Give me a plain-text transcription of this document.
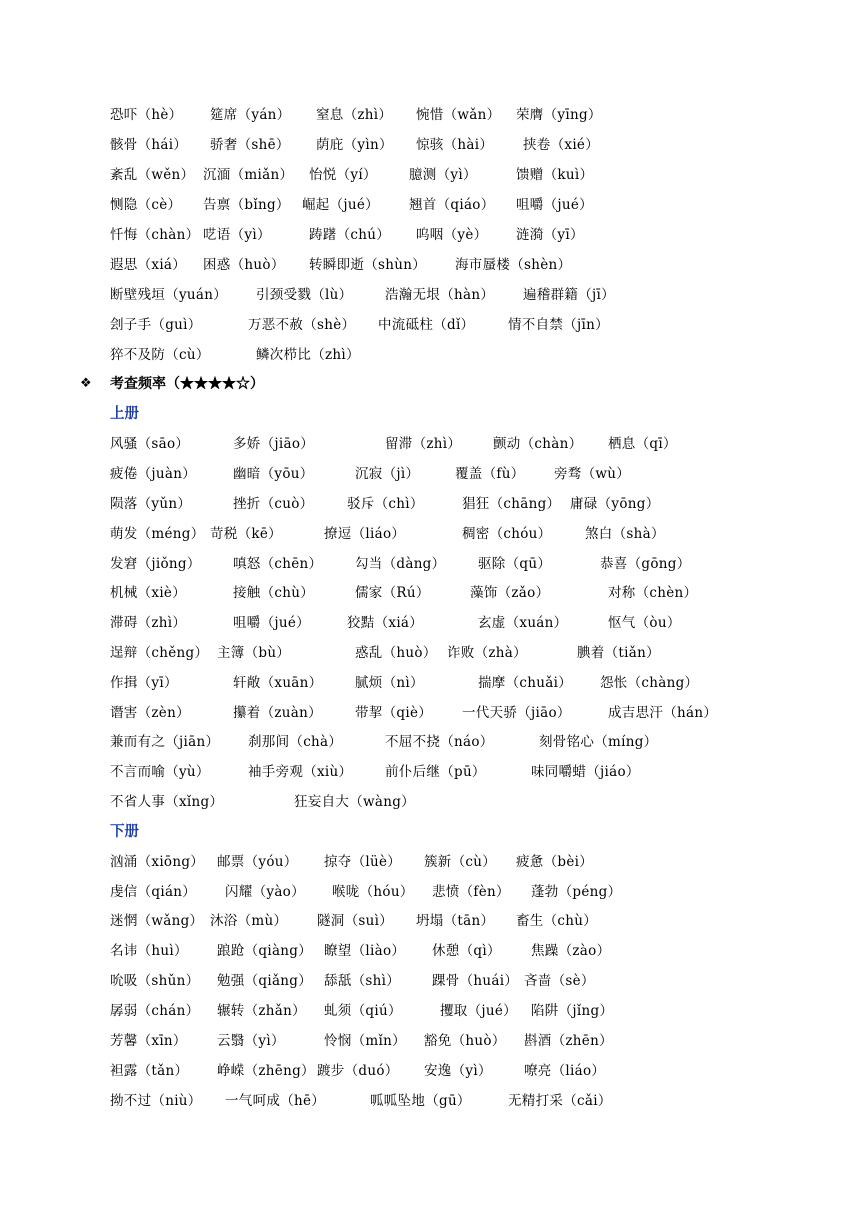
恐吓（hè） 筵席（yán） 窒息（zhì） 惋惜（wǎn） 荣膺（yīng）
骸骨（hái） 骄奢（shē） 荫庇（yìn） 惊骇（hài） 挟卷（xié）
紊乱（wěn） 沉湎（miǎn） 怡悦（yí） 臆测（yì）	馈赠（kuì）
恻隐（cè） 告禀（bǐng） 崛起（jué） 翘首（qiáo） 咀嚼（jué）
忏悔（chàn） 呓语（yì）	踌躇（chú） 呜咽（yè） 涟漪（yī）
遐思（xiá） 困惑（huò） 转瞬即逝（shùn） 海市蜃楼（shèn）
断壁残垣（yuán） 引颈受戮（lù） 浩瀚无垠（hàn） 遍稽群籍（jī）
刽子手（guì）	万恶不赦（shè） 中流砥柱（dǐ） 情不自禁（jīn）
猝不及防（cù）	鳞次栉比（zhì）
❖ 考查频率（★★★★☆）
上册
风骚（sāo）	多娇（jiāo）	留滞（zhì） 颤动（chàn） 栖息（qī）
疲倦（juàn）	幽暗（yōu）	沉寂（jì）	覆盖（fù） 旁骛（wù）
陨落（yǔn）	挫折（cuò） 驳斥（chì）	猖狂（chāng） 庸碌（yōng）
萌发（méng） 苛税（kē）	撩逗（liáo）	稠密（chóu） 煞白（shà）
发窘（jiǒng） 嗔怒（chēn） 勾当（dàng） 驱除（qū）	恭喜（gōng）
机械（xiè）	接触（chù）	儒家（Rú）	藻饰（zǎo）	对称（chèn）
滞碍（zhì）	咀嚼（jué）	狡黠（xiá）	玄虚（xuán）	怄气（òu）
逞辩（chěng） 主簿（bù）	惑乱（huò） 诈败（zhà）	腆着（tiǎn）
作揖（yī）	轩敞（xuān） 腻烦（nì）	揣摩（chuǎi） 怨怅（chàng）
谮害（zèn）	攥着（zuàn） 带挈（qiè） 一代天骄（jiāo）	成吉思汗（hán）
兼而有之（jiān） 刹那间（chà）	不屈不挠（náo）	刻骨铭心（míng）
不言而喻（yù）	袖手旁观（xiù） 前仆后继（pū）	味同嚼蜡（jiáo）
不省人事（xǐng）	狂妄自大（wàng）
下册
汹涌（xiōng） 邮票（yóu） 掠夺（lüè） 簇新（cù） 疲惫（bèi）
虔信（qián） 闪耀（yào） 喉咙（hóu） 悲愤（fèn） 蓬勃（péng）
迷惘（wǎng） 沐浴（mù） 隧洞（suì） 坍塌（tān） 畜生（chù）
名讳（huì） 踉跄（qiàng） 瞭望（liào） 休憩（qì） 焦躁（zào）
吮吸（shǔn） 勉强（qiǎng） 舔舐（shì） 踝骨（huái） 吝啬（sè）
孱弱（chán） 辗转（zhǎn） 虬须（qiú）	攫取（jué） 陷阱（jǐng）
芳馨（xīn） 云翳（yì）	怜悯（mǐn） 豁免（huò） 斟酒（zhēn）
袒露（tǎn） 峥嵘（zhēng） 踱步（duó） 安逸（yì） 嘹亮（liáo）
拗不过（niù） 一气呵成（hē）	呱呱坠地（gū）	无精打采（cǎi）
